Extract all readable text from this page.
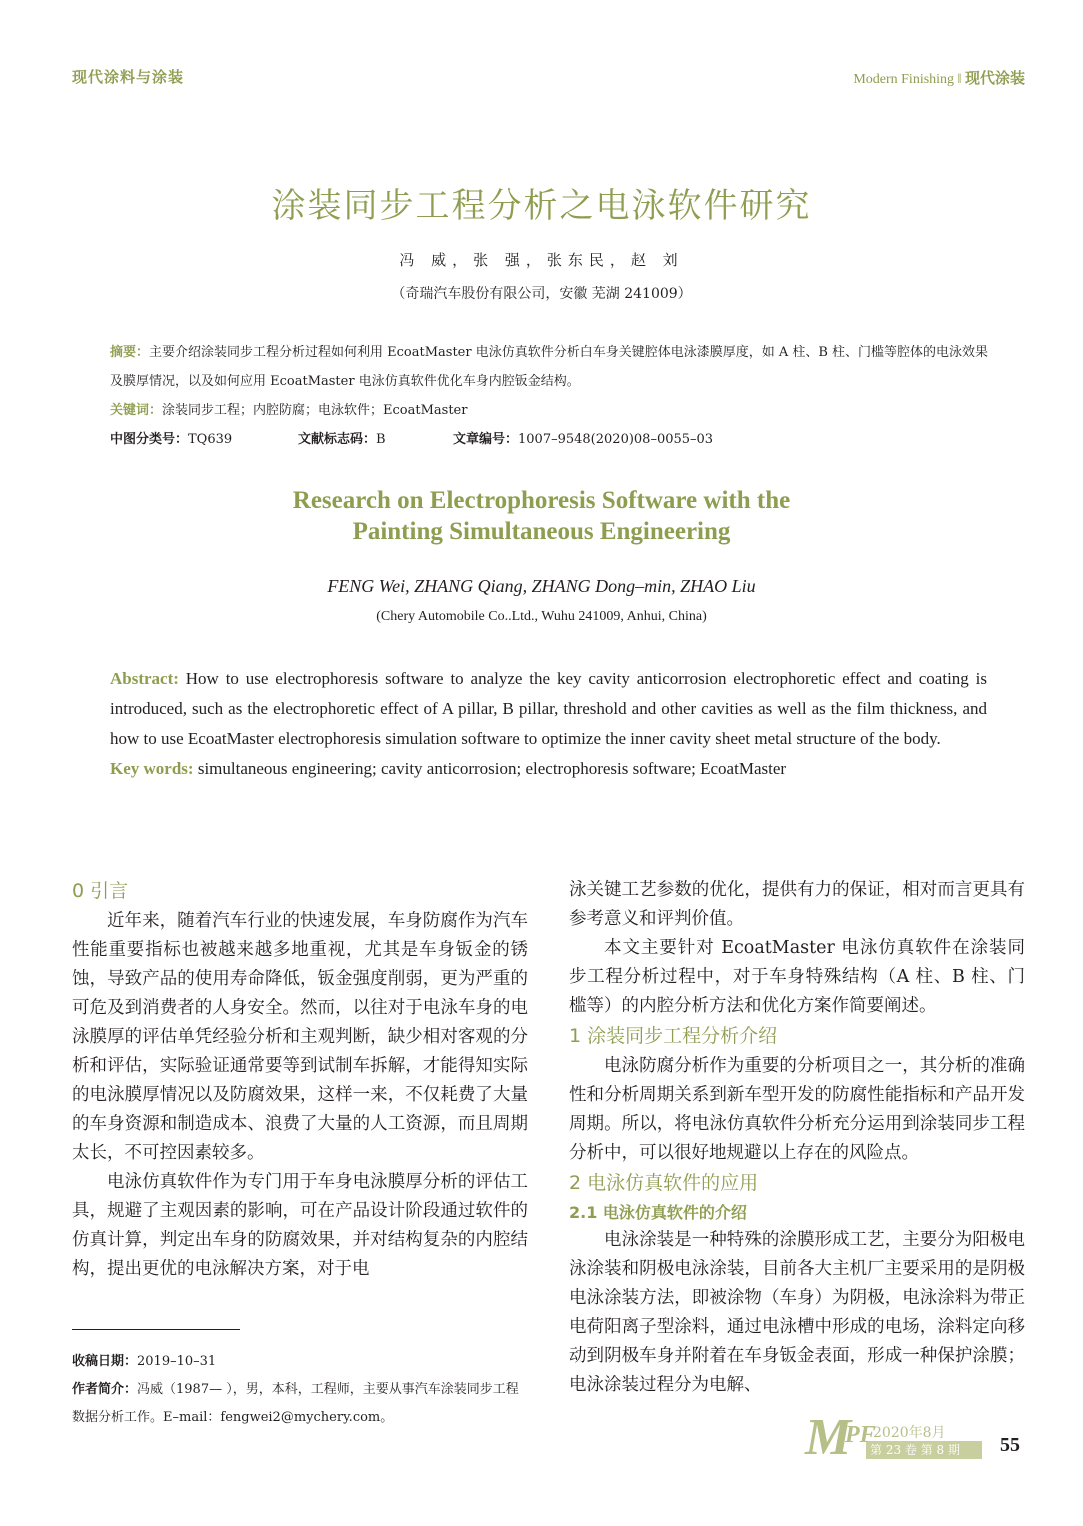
现代涂料与涂装	Modern Finishing ‖ 现代涂装
涂装同步工程分析之电泳软件研究
冯 威，张 强，张东民，赵 刘
（奇瑞汽车股份有限公司，安徽 芜湖 241009）
摘要：主要介绍涂装同步工程分析过程如何利用 EcoatMaster 电泳仿真软件分析白车身关键腔体电泳漆膜厚度，如 A 柱、B 柱、门槛等腔体的电泳效果及膜厚情况，以及如何应用 EcoatMaster 电泳仿真软件优化车身内腔钣金结构。
关键词：涂装同步工程；内腔防腐；电泳软件；EcoatMaster
中图分类号：TQ639	文献标志码：B	文章编号：1007–9548(2020)08–0055–03
Research on Electrophoresis Software with the
Painting Simultaneous Engineering
FENG Wei, ZHANG Qiang, ZHANG Dong–min, ZHAO Liu
(Chery Automobile Co..Ltd., Wuhu 241009, Anhui, China)
Abstract: How to use electrophoresis software to analyze the key cavity anticorrosion electrophoretic effect and coating is introduced, such as the electrophoretic effect of A pillar, B pillar, threshold and other cavities as well as the film thickness, and how to use EcoatMaster electrophoresis simulation software to optimize the inner cavity sheet metal structure of the body.
Key words: simultaneous engineering; cavity anticorrosion; electrophoresis software; EcoatMaster
0 引言

近年来，随着汽车行业的快速发展，车身防腐作为汽车性能重要指标也被越来越多地重视，尤其是车身钣金的锈蚀，导致产品的使用寿命降低，钣金强度削弱，更为严重的可危及到消费者的人身安全。然而，以往对于电泳车身的电泳膜厚的评估单凭经验分析和主观判断，缺少相对客观的分析和评估，实际验证通常要等到试制车拆解，才能得知实际的电泳膜厚情况以及防腐效果，这样一来，不仅耗费了大量的车身资源和制造成本、浪费了大量的人工资源，而且周期太长，不可控因素较多。

电泳仿真软件作为专门用于车身电泳膜厚分析的评估工具，规避了主观因素的影响，可在产品设计阶段通过软件的仿真计算，判定出车身的防腐效果，并对结构复杂的内腔结构，提出更优的电泳解决方案，对于电

泳关键工艺参数的优化，提供有力的保证，相对而言更具有参考意义和评判价值。

本文主要针对 EcoatMaster 电泳仿真软件在涂装同步工程分析过程中，对于车身特殊结构（A 柱、B 柱、门槛等）的内腔分析方法和优化方案作简要阐述。

1 涂装同步工程分析介绍

电泳防腐分析作为重要的分析项目之一，其分析的准确性和分析周期关系到新车型开发的防腐性能指标和产品开发周期。所以，将电泳仿真软件分析充分运用到涂装同步工程分析中，可以很好地规避以上存在的风险点。

2 电泳仿真软件的应用
2.1 电泳仿真软件的介绍

电泳涂装是一种特殊的涂膜形成工艺，主要分为阳极电泳涂装和阴极电泳涂装，目前各大主机厂主要采用的是阴极电泳涂装方法，即被涂物（车身）为阴极，电泳涂料为带正电荷阳离子型涂料，通过电泳槽中形成的电场，涂料定向移动到阴极车身并附着在车身钣金表面，形成一种保护涂膜；电泳涂装过程分为电解、

收稿日期：2019–10–31
作者简介：冯威（1987— ），男，本科，工程师，主要从事汽车涂装同步工程数据分析工作。E–mail：fengwei2@mychery.com。	M
PF
2020年8月
第 23 卷 第 8 期 55
